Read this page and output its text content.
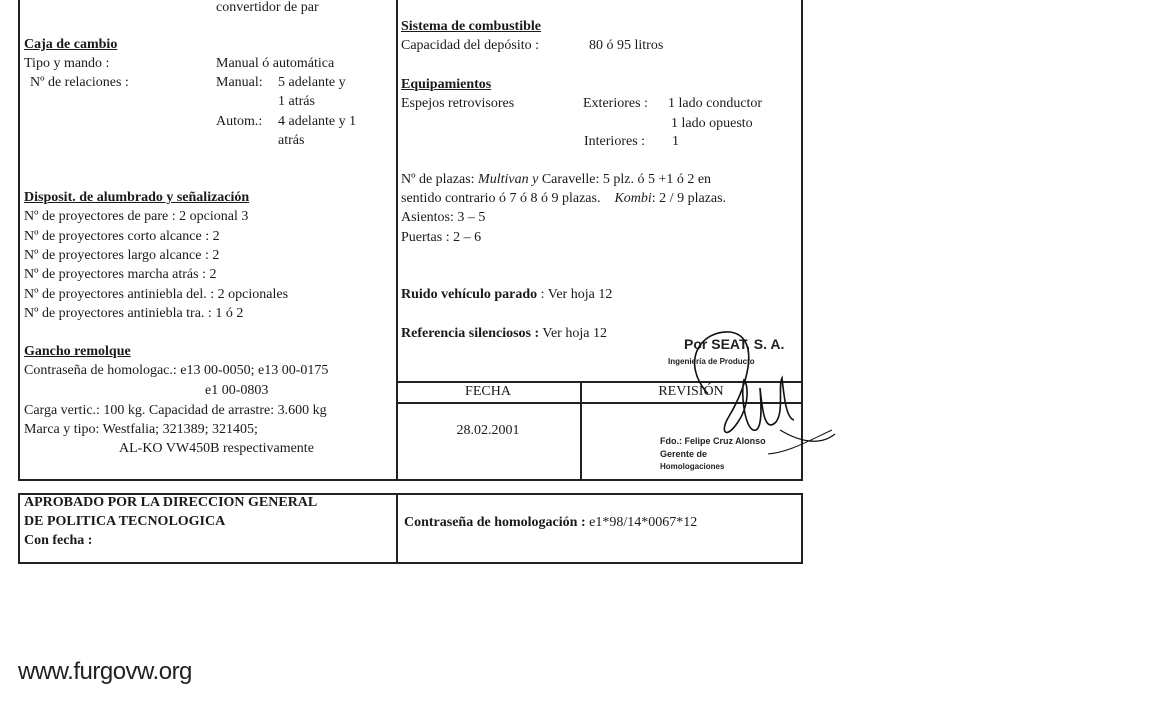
convertidor de par
Caja de cambio
Tipo y mando :	Manual ó automática
Nº de relaciones :	Manual: 5 adelante y
1 atrás
Autom.: 4 adelante y 1
atrás
Disposit. de alumbrado y señalización
Nº de proyectores de pare : 2 opcional 3
Nº de proyectores corto alcance : 2
Nº de proyectores largo alcance : 2
Nº de proyectores marcha atrás : 2
Nº de proyectores antiniebla del. : 2 opcionales
Nº de proyectores antiniebla tra. : 1 ó 2
Gancho remolque
Contraseña de homologac.: e13 00-0050; e13 00-0175
e1 00-0803
Carga vertic.: 100 kg. Capacidad de arrastre: 3.600 kg
Marca y tipo: Westfalia; 321389; 321405;
AL-KO VW450B respectivamente
Sistema de combustible
Capacidad del depósito :	80 ó 95 litros
Equipamientos
Espejos retrovisores	Exteriores : 1 lado conductor
1 lado opuesto
Interiores : 1
Nº de plazas: Multivan y Caravelle: 5 plz. ó 5 +1 ó 2 en
sentido contrario ó 7 ó 8 ó 9 plazas. Kombi: 2 / 9 plazas.
Asientos: 3 – 5
Puertas : 2 – 6
Ruido vehículo parado : Ver hoja 12
Referencia silenciosos : Ver hoja 12
FECHA	REVISIÓN
28.02.2001
Por SEAT, S. A.
Ingeniería de Producto
Fdo.: Felipe Cruz Alonso
Gerente de
Homologaciones
APROBADO POR LA DIRECCION GENERAL
DE POLITICA TECNOLOGICA
Con fecha :
Contraseña de homologación : e1*98/14*0067*12
www.furgovw.org
